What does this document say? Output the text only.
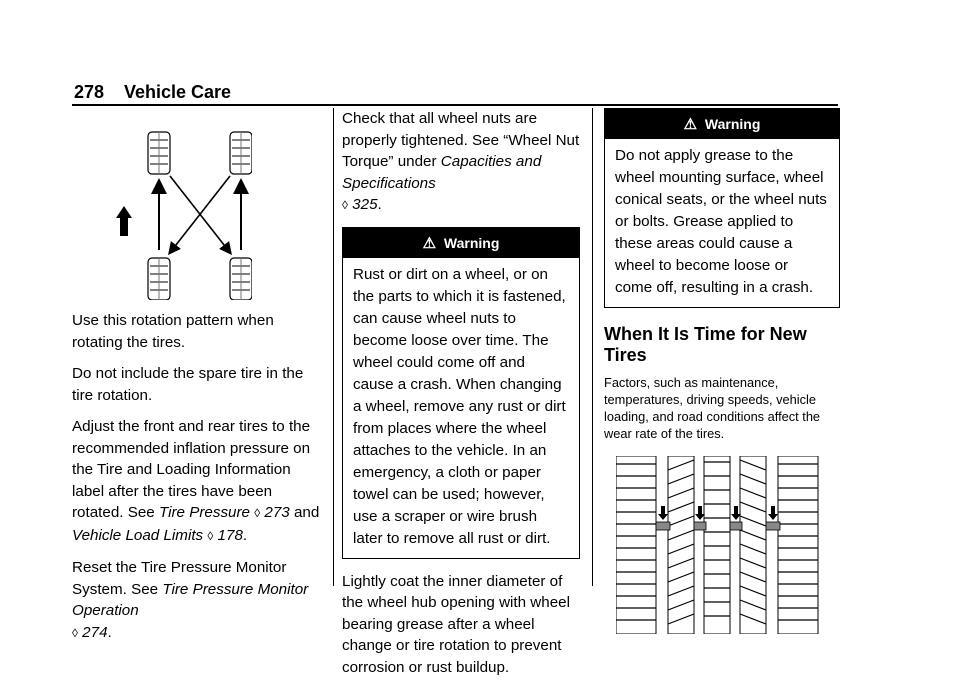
278 Vehicle Care

Use this rotation pattern when rotating the tires.

Do not include the spare tire in the tire rotation.

Adjust the front and rear tires to the recommended inflation pressure on the Tire and Loading Information label after the tires have been rotated. See Tire Pressure ◊ 273 and
Vehicle Load Limits ◊ 178.

Reset the Tire Pressure Monitor System. See Tire Pressure Monitor Operation
◊ 274.

Check that all wheel nuts are properly tightened. See “Wheel Nut Torque” under Capacities and Specifications
◊ 325.

⚠ Warning

Rust or dirt on a wheel, or on the parts to which it is fastened, can cause wheel nuts to become loose over time. The wheel could come off and cause a crash. When changing a wheel, remove any rust or dirt from places where the wheel attaches to the vehicle. In an emergency, a cloth or paper towel can be used; however, use a scraper or wire brush later to remove all rust or dirt.

Lightly coat the inner diameter of the wheel hub opening with wheel bearing grease after a wheel change or tire rotation to prevent corrosion or rust buildup.

⚠ Warning

Do not apply grease to the wheel mounting surface, wheel conical seats, or the wheel nuts or bolts. Grease applied to these areas could cause a wheel to become loose or come off, resulting in a crash.

When It Is Time for New Tires

Factors, such as maintenance, temperatures, driving speeds, vehicle loading, and road conditions affect the wear rate of the tires.
